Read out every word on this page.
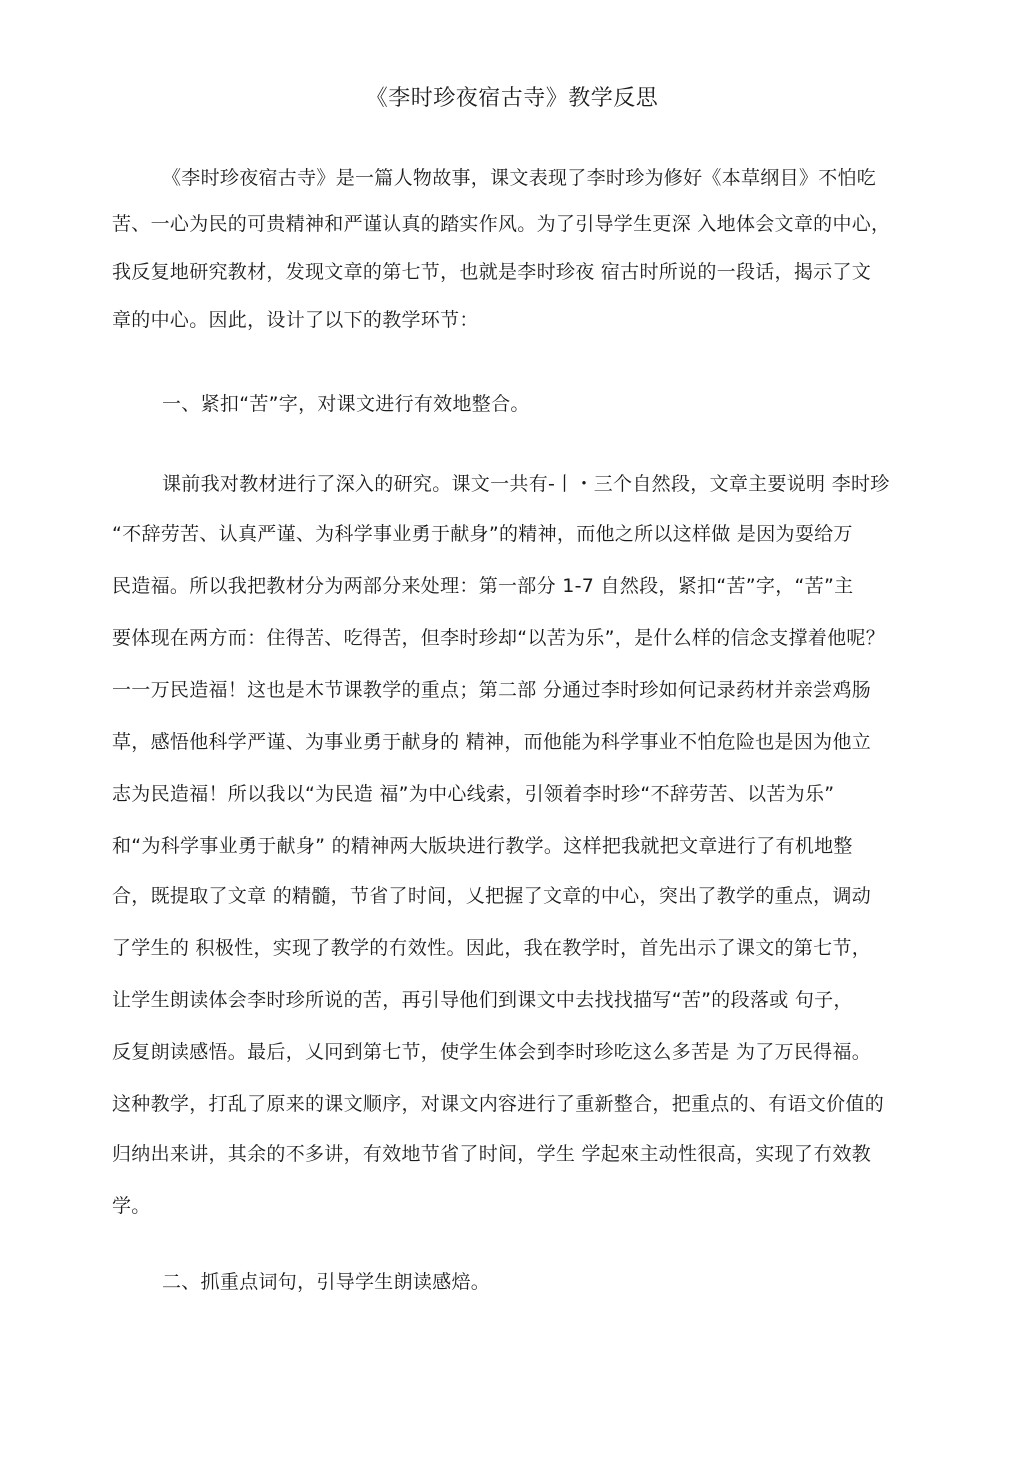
《李时珍夜宿古寺》教学反思
《李时珍夜宿古寺》是一篇人物故事，课文表现了李时珍为修好《本草纲目》不怕吃
苦、一心为民的可贵精神和严谨认真的踏实作风。为了引导学生更深 入地体会文章的中心，
我反复地研究教材，发现文章的第七节，也就是李时珍夜 宿古时所说的一段话，揭示了文
章的中心。因此，设计了以下的教学环节：
一、紧扣“苦”字，对课文进行有效地整合。
课前我对教材进行了深入的研究。课文一共有-丨・三个自然段，文章主要说明 李时珍
“不辞劳苦、认真严谨、为科学事业勇于献身”的精神，而他之所以这样做 是因为耍给万
民造福。所以我把教材分为两部分来处理：第一部分 1-7 自然段，紧扣“苦”字，“苦”主
要体现在两方而：住得苦、吃得苦，但李时珍却“以苦为乐”，是什么样的信念支撑着他呢？
一一万民造福！这也是木节课教学的重点；第二部 分通过李时珍如何记录药材并亲尝鸡肠
草，感悟他科学严谨、为事业勇于献身的 精神，而他能为科学事业不怕危险也是因为他立
志为民造福！所以我以“为民造 福”为中心线索，引领着李时珍“不辞劳苦、以苦为乐”
和“为科学事业勇于献身” 的精神两大版块进行教学。这样把我就把文章进行了有机地整
合，既提取了文章 的精髓，节省了时间，乂把握了文章的中心，突出了教学的重点，调动
了学生的 积极性，实现了教学的冇效性。因此，我在教学时，首先出示了课文的第七节，
让学生朗读体会李时珍所说的苦，再引导他们到课文中去找找描写“苦”的段落或 句子，
反复朗读感悟。最后，乂冋到第七节，使学生体会到李时珍吃这么多苦是 为了万民得福。
这种教学，打乱了原来的课文顺序，对课文内容进行了重新整合，把重点的、有语文价值的
归纳出来讲，其余的不多讲，有效地节省了时间，学生 学起來主动性很高，实现了冇效教
学。
二、抓重点词句，引导学生朗读感焙。
